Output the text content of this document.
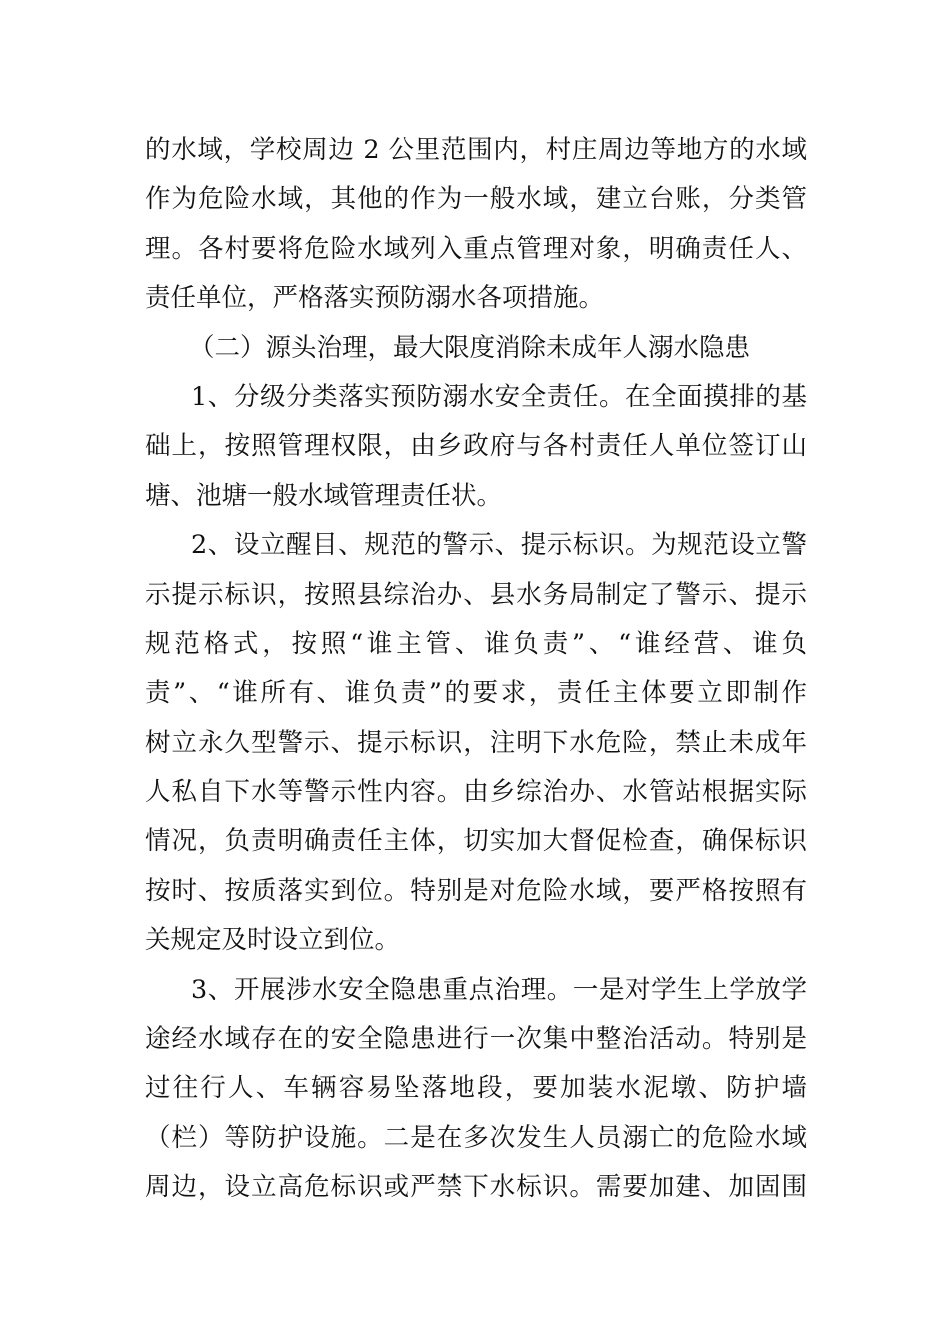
的水域，学校周边 2 公里范围内，村庄周边等地方的水域
作为危险水域，其他的作为一般水域，建立台账，分类管
理。各村要将危险水域列入重点管理对象，明确责任人、
责任单位，严格落实预防溺水各项措施。
（二）源头治理，最大限度消除未成年人溺水隐患
1、分级分类落实预防溺水安全责任。在全面摸排的基
础上，按照管理权限，由乡政府与各村责任人单位签订山
塘、池塘一般水域管理责任状。
2、设立醒目、规范的警示、提示标识。为规范设立警
示提示标识，按照县综治办、县水务局制定了警示、提示
规范格式，按照“谁主管、谁负责”、“谁经营、谁负
责”、“谁所有、谁负责”的要求，责任主体要立即制作
树立永久型警示、提示标识，注明下水危险，禁止未成年
人私自下水等警示性内容。由乡综治办、水管站根据实际
情况，负责明确责任主体，切实加大督促检查，确保标识
按时、按质落实到位。特别是对危险水域，要严格按照有
关规定及时设立到位。
3、开展涉水安全隐患重点治理。一是对学生上学放学
途经水域存在的安全隐患进行一次集中整治活动。特别是
过往行人、车辆容易坠落地段，要加装水泥墩、防护墙
（栏）等防护设施。二是在多次发生人员溺亡的危险水域
周边，设立高危标识或严禁下水标识。需要加建、加固围
